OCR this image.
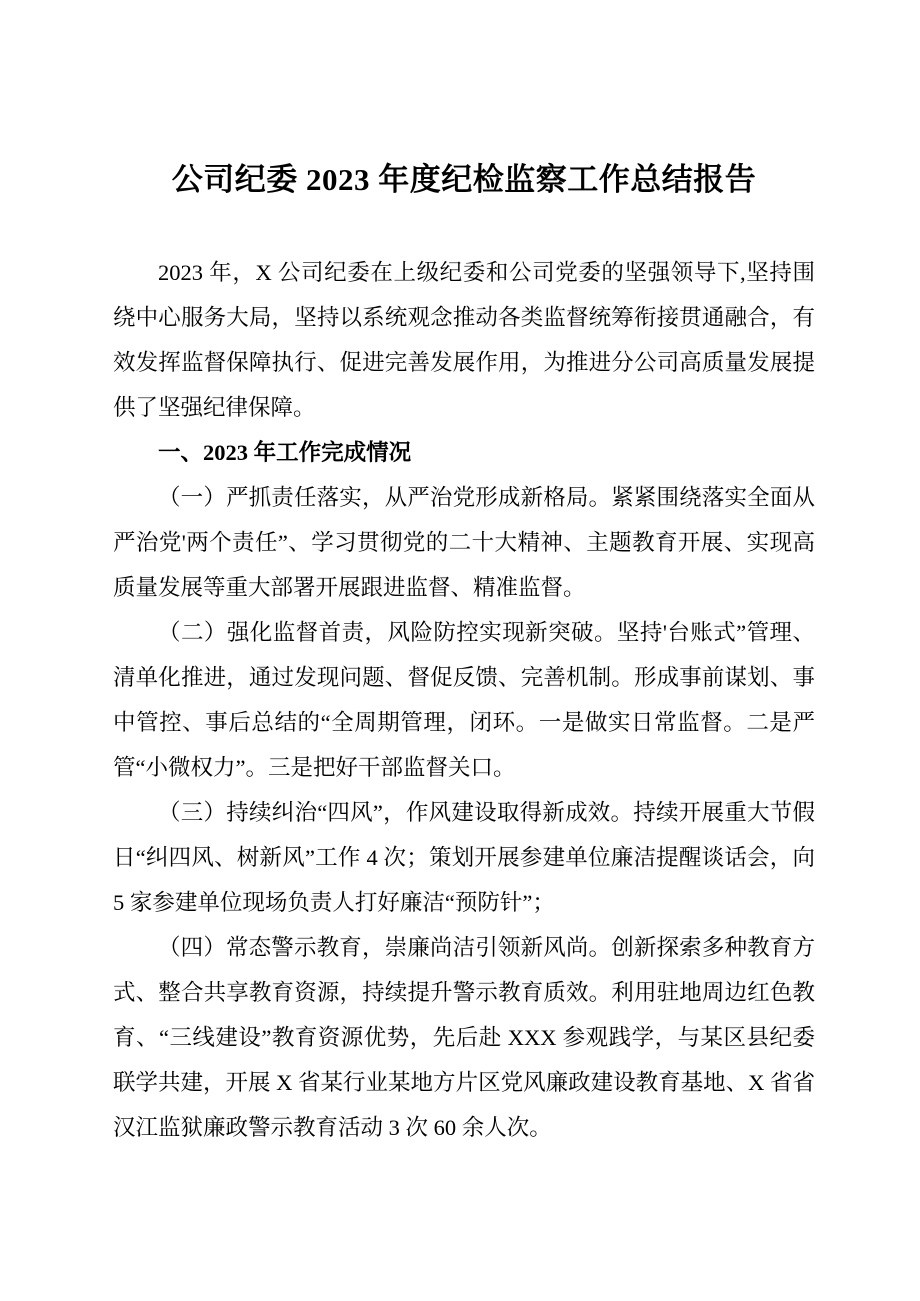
公司纪委 2023 年度纪检监察工作总结报告

2023 年，X 公司纪委在上级纪委和公司党委的坚强领导下,坚持围绕中心服务大局，坚持以系统观念推动各类监督统筹衔接贯通融合，有效发挥监督保障执行、促进完善发展作用，为推进分公司高质量发展提供了坚强纪律保障。

一、2023 年工作完成情况

（一）严抓责任落实，从严治党形成新格局。紧紧围绕落实全面从严治党'两个责任”、学习贯彻党的二十大精神、主题教育开展、实现高质量发展等重大部署开展跟进监督、精准监督。

（二）强化监督首责，风险防控实现新突破。坚持'台账式”管理、清单化推进，通过发现问题、督促反馈、完善机制。形成事前谋划、事中管控、事后总结的“全周期管理，闭环。一是做实日常监督。二是严管“小微权力”。三是把好干部监督关口。

（三）持续纠治“四风”，作风建设取得新成效。持续开展重大节假日“纠四风、树新风”工作 4 次；策划开展参建单位廉洁提醒谈话会，向 5 家参建单位现场负责人打好廉洁“预防针”；

（四）常态警示教育，崇廉尚洁引领新风尚。创新探索多种教育方式、整合共享教育资源，持续提升警示教育质效。利用驻地周边红色教育、“三线建设”教育资源优势，先后赴 XXX 参观践学，与某区县纪委联学共建，开展 X 省某行业某地方片区党风廉政建设教育基地、X 省省汉江监狱廉政警示教育活动 3 次 60 余人次。
